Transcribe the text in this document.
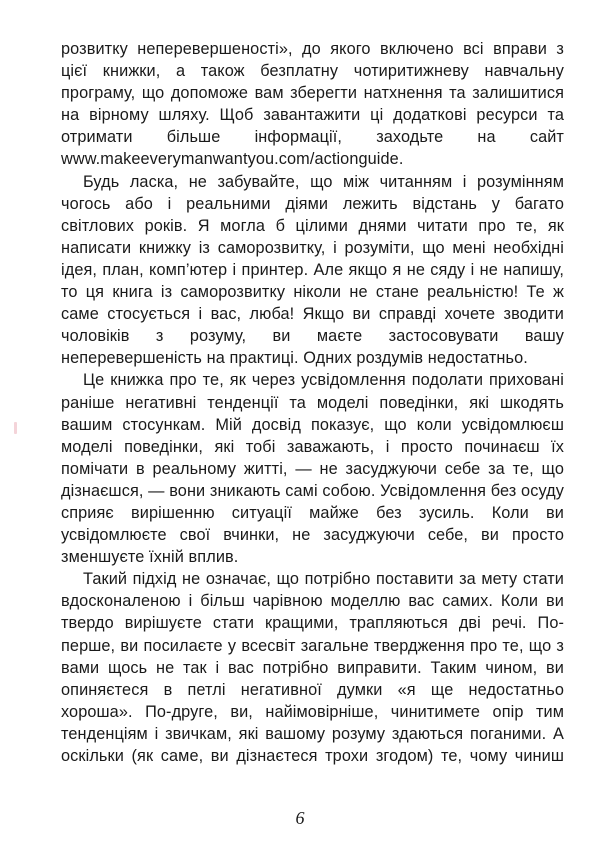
розвитку неперевершеності», до якого включено всі вправи з
цієї книжки, а також безплатну чотиритижневу навчальну
програму, що допоможе вам зберегти натхнення та залишитися
на вірному шляху. Щоб завантажити ці додаткові ресурси та
отримати більше інформації, заходьте на сайт
www.makeeverymanwantyou.com/actionguide.
Будь ласка, не забувайте, що між читанням і розумінням
чогось або і реальними діями лежить відстань у багато
світлових років. Я могла б цілими днями читати про те, як
написати книжку із саморозвитку, і розуміти, що мені необхідні
ідея, план, комп’ютер і принтер. Але якщо я не сяду і не напишу,
то ця книга із саморозвитку ніколи не стане реальністю! Те ж
саме стосується і вас, люба! Якщо ви справді хочете зводити
чоловіків з розуму, ви маєте застосовувати вашу
неперевершеність на практиці. Одних роздумів недостатньо.
Це книжка про те, як через усвідомлення подолати приховані
раніше негативні тенденції та моделі поведінки, які шкодять
вашим стосункам. Мій досвід показує, що коли усвідомлюєш
моделі поведінки, які тобі заважають, і просто починаєш їх
помічати в реальному житті, — не засуджуючи себе за те, що
дізнаєшся, — вони зникають самі собою. Усвідомлення без осуду
сприяє вирішенню ситуації майже без зусиль. Коли ви
усвідомлюєте свої вчинки, не засуджуючи себе, ви просто
зменшуєте їхній вплив.
Такий підхід не означає, що потрібно поставити за мету стати
вдосконаленою і більш чарівною моделлю вас самих. Коли ви
твердо вирішуєте стати кращими, трапляються дві речі. По-
перше, ви посилаєте у всесвіт загальне твердження про те, що з
вами щось не так і вас потрібно виправити. Таким чином, ви
опиняєтеся в петлі негативної думки «я ще недостатньо
хороша». По-друге, ви, найімовірніше, чинитимете опір тим
тенденціям і звичкам, які вашому розуму здаються поганими. А
оскільки (як саме, ви дізнаєтеся трохи згодом) те, чому чиниш
6
